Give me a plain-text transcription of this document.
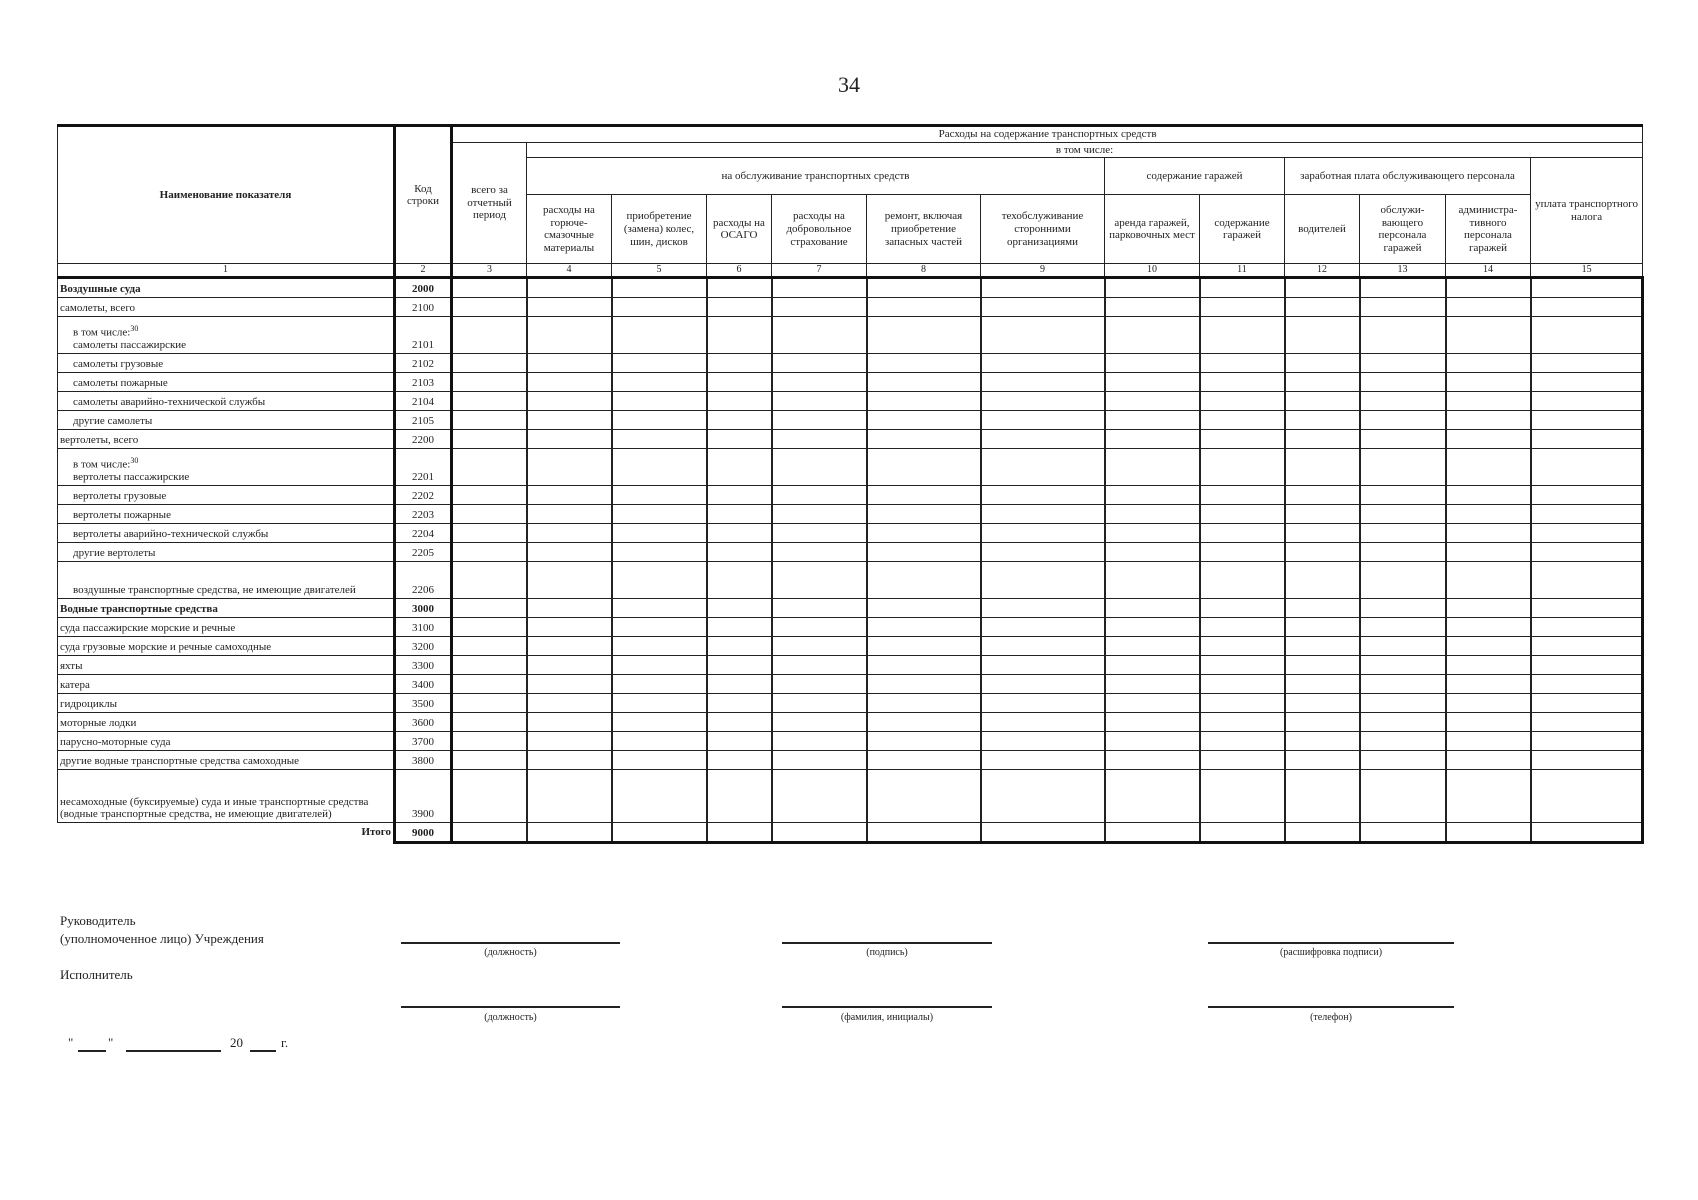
34
Наименование показателя	Код строки	Расходы на содержание транспортных средств												
		всего за отчетный период	в том числе:											
			на обслуживание транспортных средств						содержание гаражей		заработная плата обслуживающего персонала			уплата транспортного налога
			расходы на горюче-смазочные материалы	приобретение (замена) колес, шин, дисков	расходы на ОСАГО	расходы на добровольное страхование	ремонт, включая приобретение запасных частей	техобслуживание сторонними организациями	аренда гаражей, парковочных мест	содержание гаражей	водителей	обслужи-вающего персонала гаражей	администра-тивного персонала гаражей	
1	2	3	4	5	6	7	8	9	10	11	12	13	14	15
Воздушные суда	2000													
самолеты, всего	2100													

в том числе:$^{30}$
самолеты пассажирские	2101													
самолеты грузовые	2102													
самолеты пожарные	2103													
самолеты аварийно-технической службы	2104													
другие самолеты	2105													
вертолеты, всего	2200													

в том числе:$^{30}$
вертолеты пассажирские	2201													
вертолеты грузовые	2202													
вертолеты пожарные	2203													
вертолеты аварийно-технической службы	2204													
другие вертолеты	2205													
воздушные транспортные средства, не имеющие двигателей	2206													
Водные транспортные средства	3000													
суда пассажирские морские и речные	3100													
суда грузовые морские и речные самоходные	3200													
яхты	3300													
катера	3400													
гидроциклы	3500													
моторные лодки	3600													
парусно-моторные суда	3700													
другие водные транспортные средства самоходные	3800													
несамоходные (буксируемые) суда и иные транспортные средства (водные транспортные средства, не имеющие двигателей)	3900													
Итого	9000													
Руководитель
(уполномоченное лицо) Учреждения
(должность)	(подпись)	(расшифровка подписи)
Исполнитель
(должность)	(фамилия, инициалы)	(телефон)
"	"	20	г.
